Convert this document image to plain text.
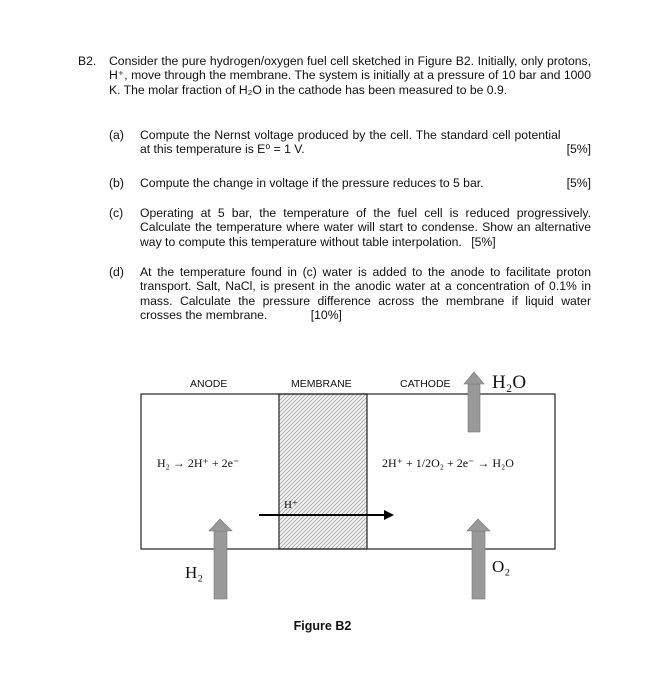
B2. Consider the pure hydrogen/oxygen fuel cell sketched in Figure B2. Initially, only protons, H⁺, move through the membrane. The system is initially at a pressure of 10 bar and 1000 K. The molar fraction of H₂O in the cathode has been measured to be 0.9.
(a)
[5%]
Compute the Nernst voltage produced by the cell. The standard cell potential at this temperature is E⁰ = 1 V.
(b)	[5%]
Compute the change in voltage if the pressure reduces to 5 bar.
(c) Operating at 5 bar, the temperature of the fuel cell is reduced progressively. Calculate the temperature where water will start to condense. Show an alternative way to compute this temperature without table interpolation. [5%]
(d) At the temperature found in (c) water is added to the anode to facilitate proton transport. Salt, NaCl, is present in the anodic water at a concentration of 0.1% in mass. Calculate the pressure difference across the membrane if liquid water crosses the membrane.	[10%]
ANODE	MEMBRANE	CATHODE
H₂ → 2H⁺ + 2e⁻	2H⁺ + 1/2O₂ + 2e⁻ → H₂O
H⁺
H₂O
H₂	O₂
Figure B2
